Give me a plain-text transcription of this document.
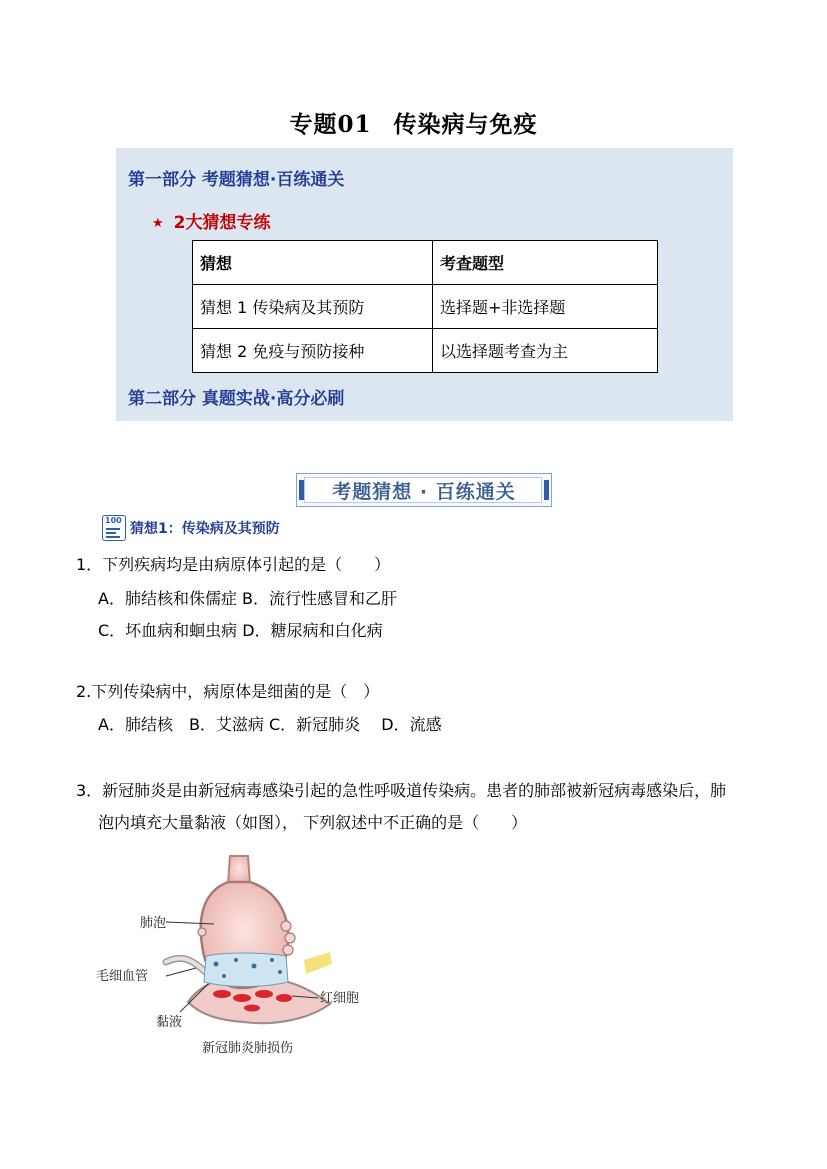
专题01 传染病与免疫
第一部分 考题猜想·百练通关
★ 2大猜想专练
猜想	考查题型
猜想 1 传染病及其预防	选择题+非选择题
猜想 2 免疫与预防接种	以选择题考查为主
第二部分 真题实战·高分必刷
考题猜想 · 百练通关
100
猜想1：传染病及其预防
1．下列疾病均是由病原体引起的是（　　）
A．肺结核和侏儒症 B．流行性感冒和乙肝
C．坏血病和蛔虫病 D．糖尿病和白化病
2.下列传染病中，病原体是细菌的是（　）
A．肺结核　B．艾滋病 C．新冠肺炎　 D．流感
3．新冠肺炎是由新冠病毒感染引起的急性呼吸道传染病。患者的肺部被新冠病毒感染后，肺
泡内填充大量黏液（如图）， 下列叙述中不正确的是（　　）
肺泡
毛细血管
红细胞
黏液
新冠肺炎肺损伤
